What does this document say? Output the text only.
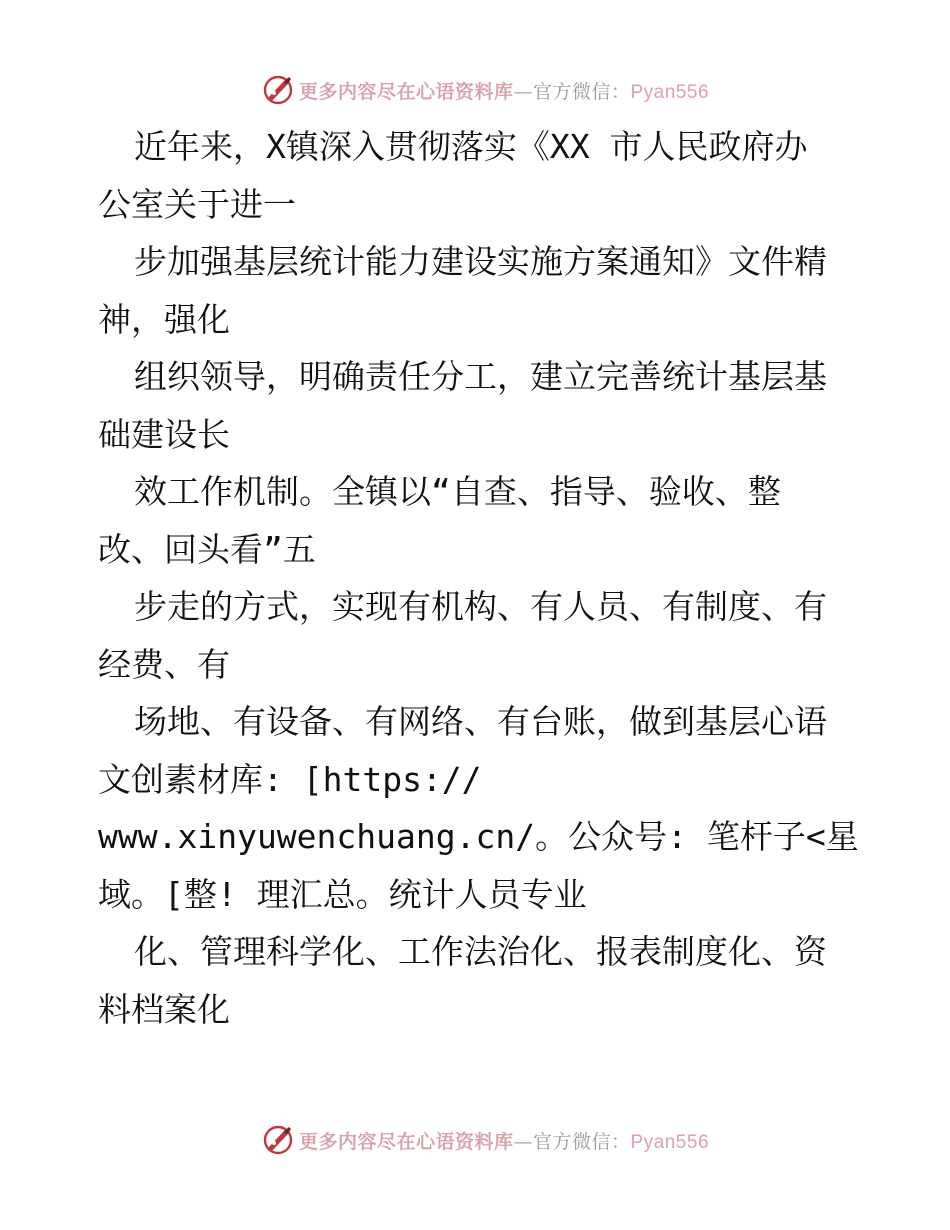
更多内容尽在心语资料库—官方微信：Pyan556
近年来，X镇深入贯彻落实《XX 市人民政府办
公室关于进一
步加强基层统计能力建设实施方案通知》文件精
神，强化
组织领导，明确责任分工，建立完善统计基层基
础建设长
效工作机制。全镇以“自查、指导、验收、整
改、回头看”五
步走的方式，实现有机构、有人员、有制度、有
经费、有
场地、有设备、有网络、有台账，做到基层心语
文创素材库: [https://
www.xinyuwenchuang.cn/。公众号: 笔杆子<星
域。[整! 理汇总。统计人员专业
化、管理科学化、工作法治化、报表制度化、资
料档案化
更多内容尽在心语资料库—官方微信：Pyan556
